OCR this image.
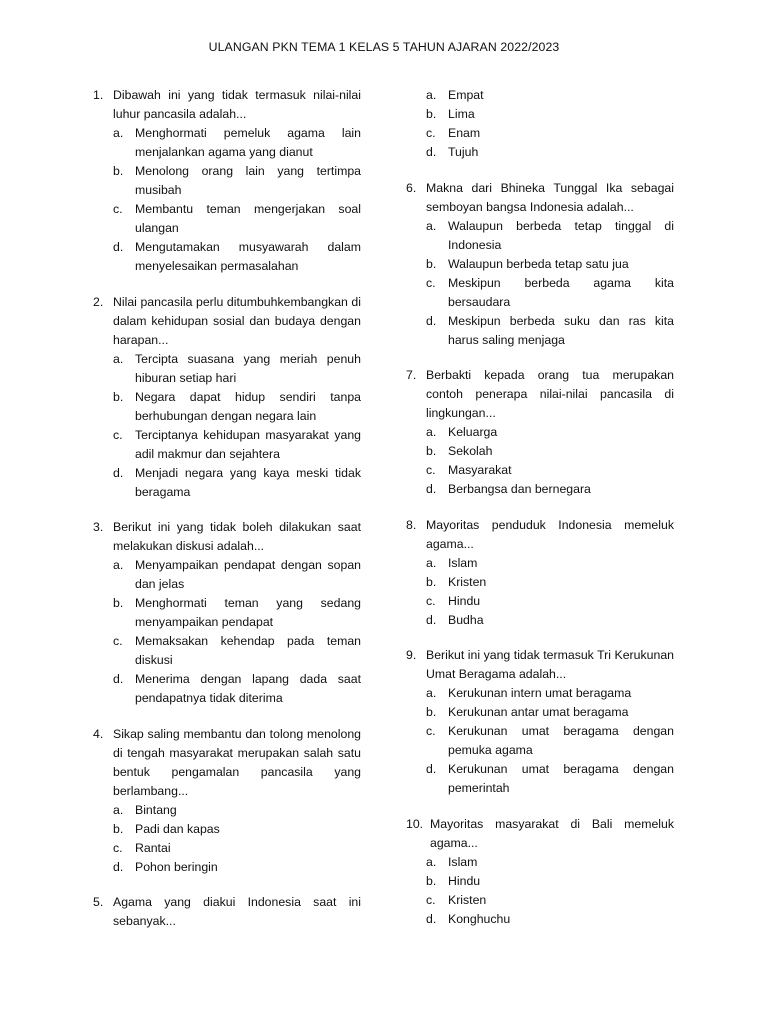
ULANGAN PKN TEMA 1 KELAS 5 TAHUN AJARAN 2022/2023
1. Dibawah ini yang tidak termasuk nilai-nilai luhur pancasila adalah...
a. Menghormati pemeluk agama lain menjalankan agama yang dianut
b. Menolong orang lain yang tertimpa musibah
c.	Membantu teman mengerjakan soal ulangan
d. Mengutamakan musyawarah dalam menyelesaikan permasalahan
2. Nilai pancasila perlu ditumbuhkembangkan di dalam kehidupan sosial dan budaya dengan harapan...
a. Tercipta suasana yang meriah penuh hiburan setiap hari
b. Negara dapat hidup sendiri tanpa berhubungan dengan negara lain
c.	Terciptanya kehidupan masyarakat yang adil makmur dan sejahtera
d. Menjadi negara yang kaya meski tidak beragama
3. Berikut ini yang tidak boleh dilakukan saat melakukan diskusi adalah...
a. Menyampaikan pendapat dengan sopan dan jelas
b. Menghormati teman yang sedang menyampaikan pendapat
c.	Memaksakan kehendap pada teman diskusi
d. Menerima dengan lapang dada saat pendapatnya tidak diterima
4. Sikap saling membantu dan tolong menolong di tengah masyarakat merupakan salah satu bentuk pengamalan pancasila yang berlambang...
a. Bintang
b. Padi dan kapas
c.	Rantai
d. Pohon beringin
5. Agama yang diakui Indonesia saat ini sebanyak...
a. Empat
b. Lima
c.	Enam
d. Tujuh
6. Makna dari Bhineka Tunggal Ika sebagai semboyan bangsa Indonesia adalah...
a. Walaupun berbeda tetap tinggal di Indonesia
b. Walaupun berbeda tetap satu jua
c.	Meskipun berbeda agama kita bersaudara
d. Meskipun berbeda suku dan ras kita harus saling menjaga
7. Berbakti kepada orang tua merupakan contoh penerapa nilai-nilai pancasila di lingkungan...
a. Keluarga
b. Sekolah
c.	Masyarakat
d. Berbangsa dan bernegara
8. Mayoritas penduduk Indonesia memeluk agama...
a. Islam
b. Kristen
c.	Hindu
d. Budha
9. Berikut ini yang tidak termasuk Tri Kerukunan Umat Beragama adalah...
a. Kerukunan intern umat beragama
b. Kerukunan antar umat beragama
c.	Kerukunan umat beragama dengan pemuka agama
d. Kerukunan umat beragama dengan pemerintah
10. Mayoritas masyarakat di Bali memeluk agama...
a. Islam
b. Hindu
c.	Kristen
d. Konghuchu
